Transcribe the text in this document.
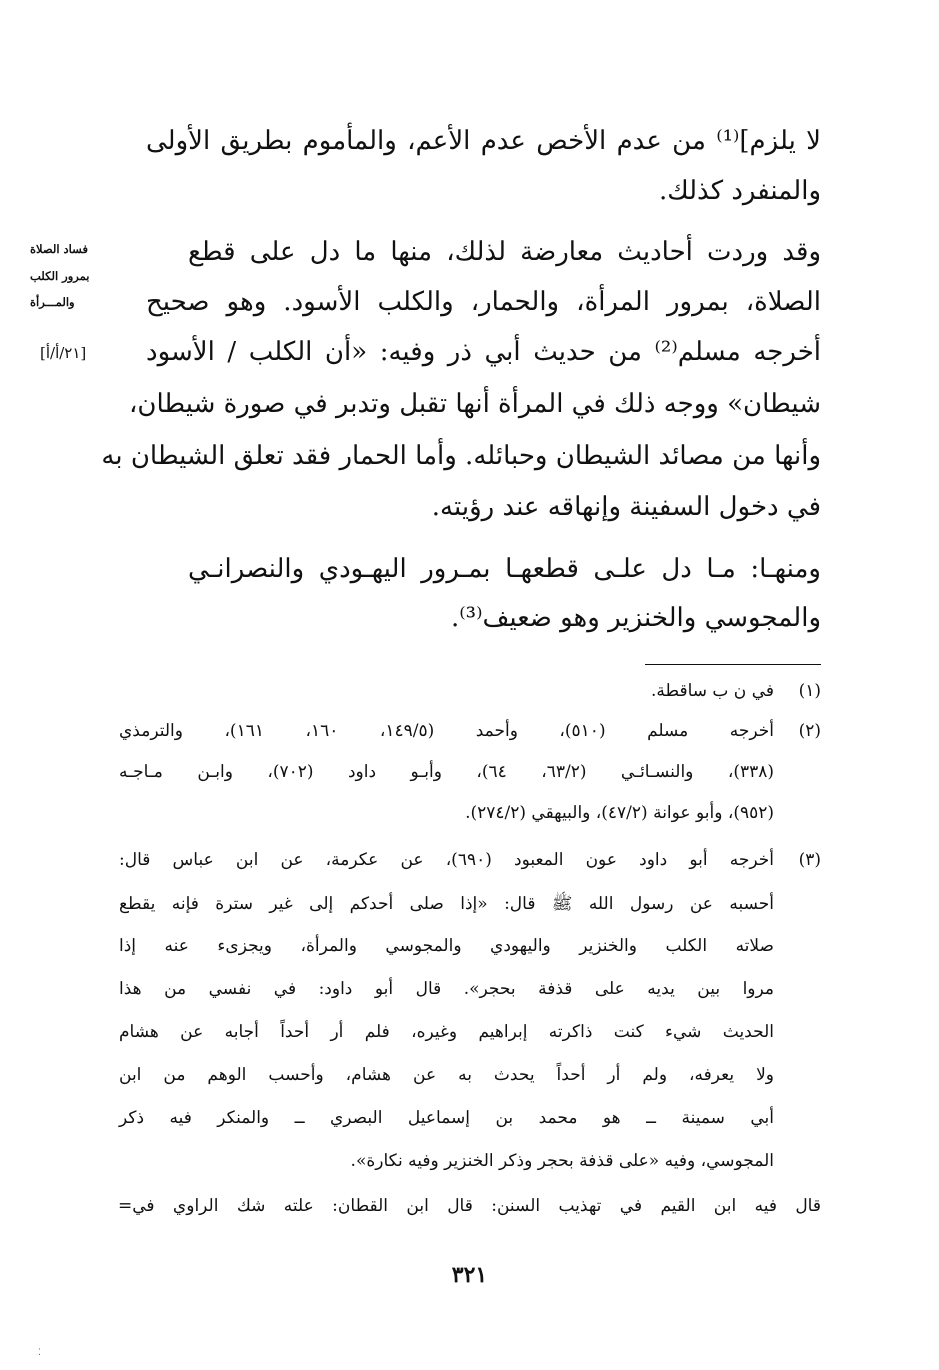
لا يلزم]⁽¹⁾ من عدم الأخص عدم الأعم، والمأموم بطريق الأولى
والمنفرد كذلك.
وقد وردت أحاديث معارضة لذلك، منها ما دل على قطع
الصلاة، بمرور المرأة، والحمار، والكلب الأسود. وهو صحيح
أخرجه مسلم⁽²⁾ من حديث أبي ذر وفيه: «أن الكلب / الأسود
شيطان» ووجه ذلك في المرأة أنها تقبل وتدبر في صورة شيطان،
وأنها من مصائد الشيطان وحبائله. وأما الحمار فقد تعلق الشيطان به
في دخول السفينة وإنهاقه عند رؤيته.
ومنهـا: مـا دل علـى قطعهـا بمـرور اليهـودي والنصرانـي
والمجوسي والخنزير وهو ضعيف⁽³⁾.
فساد الصلاة
بمرور الكلب
والمـــرأة
[٢١/أ/أ]
(١)
في ن ب ساقطة.
(٢)
أخرجه مسلم (٥١٠)، وأحمد (١٤٩/٥، ١٦٠، ١٦١)، والترمذي
(٣٣٨)، والنسـائـي (٦٣/٢، ٦٤)، وأبـو داود (٧٠٢)، وابـن مـاجـه
(٩٥٢)، وأبو عوانة (٤٧/٢)، والبيهقي (٢٧٤/٢).
(٣)
أخرجه أبو داود عون المعبود (٦٩٠)، عن عكرمة، عن ابن عباس قال:
أحسبه عن رسول الله ﷺ قال: «إذا صلى أحدكم إلى غير سترة فإنه يقطع
صلاته الكلب والخنزير واليهودي والمجوسي والمرأة، ويجزىء عنه إذا
مروا بين يديه على قذفة بحجر». قال أبو داود: في نفسي من هذا
الحديث شيء كنت ذاكرته إبراهيم وغيره، فلم أر أحداً أجابه عن هشام
ولا يعرفه، ولم أر أحداً يحدث به عن هشام، وأحسب الوهم من ابن
أبي سمينة ــ هو محمد بن إسماعيل البصري ــ والمنكر فيه ذكر
المجوسي، وفيه «على قذفة بحجر وذكر الخنزير وفيه نكارة».
قال فيه ابن القيم في تهذيب السنن: قال ابن القطان: علته شك الراوي في=
٣٢١
⁚
